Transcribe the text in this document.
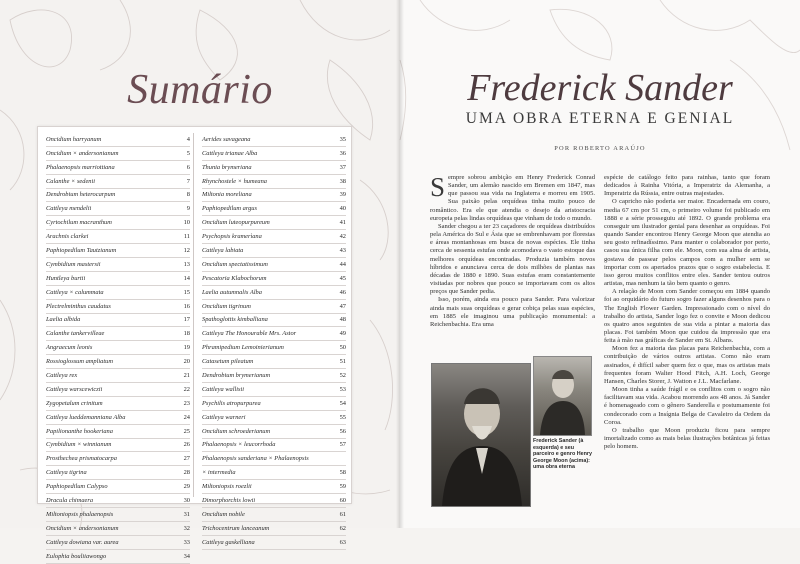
Sumário
Oncidium harryanum	4
Oncidium × andersonianum	5
Phalaenopsis marriottiana	6
Calanthe × sedenii	7
Dendrobium heterocarpum	8
Cattleya mendelii	9
Cyrtochilum macranthum	10
Arachnis clarkei	11
Paphiopedilum Tautzianum	12
Cymbidium mastersii	13
Huntleya burtii	14
Cattleya × calummata	15
Plectrelminthus caudatus	16
Laelia albida	17
Calanthe tankervilleae	18
Angraecum leonis	19
Rossioglossum ampliatum	20
Cattleya rex	21
Cattleya warscewiczii	22
Zygopetalum crinitum	23
Cattleya lueddemanniana Alba	24
Papilionanthe hookeriana	25
Cymbidium × winnianum	26
Prosthechea prismatocarpa	27
Cattleya tigrina	28
Paphiopedilum Calypso	29
Dracula chimaera	30
Miltoniopsis phalaenopsis	31
Oncidium × andersonianum	32
Cattleya dowiana var. aurea	33
Eulophia bouliiawongo	34
Aerides savageana	35
Cattleya trianae Alba	36
Thunia brymeriana	37
Rhynchostele × humeana	38
Miltonia moreliana	39
Paphiopedilum argus	40
Oncidium luteopurpureum	41
Psychopsis kramerìana	42
Cattleya labiata	43
Oncidium spectatissimum	44
Pescatoria Klabochorum	45
Laelia autumnalis Alba	46
Oncidium tigrinum	47
Spathoglottis kimballiana	48
Cattleya The Honourable Mrs. Astor	49
Phramipedium Lemoinierianum	50
Catasetum pileatum	51
Dendrobium brymerianum	52
Cattleya wallisii	53
Psychilis atropurpurea	54
Cattleya warneri	55
Oncidium schroederianum	56
Phalaenopsis × leucorrhoda	57
Phalaenopsis sanderiana × Phalaenopsis
× intermedia	58
Miltoniopsis roezlii	59
Dimorphorchis lowii	60
Oncidium nobile	61
Trichocentrum lanceanum	62
Cattleya gaskelliana	63
Frederick Sander
UMA OBRA ETERNA E GENIAL
POR ROBERTO ARAÚJO
S empre sobrou ambição em Henry Frederick Conrad Sander, um alemão nascido em Bremen em 1847, mas que passou sua vida na Inglaterra e morreu em 1905. Sua paixão pelas orquídeas tinha muito pouco de romântico. Era ele que atendia o desejo da aristocracia europeia pelas lindas orquídeas que vinham de todo o mundo.

Sander chegou a ter 23 caçadores de orquídeas distribuídos pela América do Sul e Ásia que se embrenhavam por florestas e áreas montanhosas em busca de novas espécies. Ele tinha cerca de sessenta estufas onde acomodava o vasto estoque das melhores orquídeas encontradas. Produzia também novos híbridos e anunciava cerca de dois milhões de plantas nas décadas de 1880 e 1890. Suas estufas eram constantemente visitadas por nobres que pouco se importavam com os altos preços que Sander pedia.

Isso, porém, ainda era pouco para Sander. Para valorizar ainda mais suas orquídeas e gerar cobiça pelas suas espécies, em 1885 ele imaginou uma publicação monumental: a Reichenbachia. Era uma

espécie de catálogo feito para rainhas, tanto que foram dedicados à Rainha Vitória, a Imperatriz da Alemanha, a Imperatriz da Rússia, entre outras majestades.

O capricho não poderia ser maior. Encadernada em couro, media 67 cm por 51 cm, o primeiro volume foi publicado em 1888 e a série prosseguiu até 1892. O grande problema era conseguir um ilustrador genial para desenhar as orquídeas. Foi quando Sander encontrou Henry George Moon que atendia ao seu gosto refinadíssimo. Para manter o colaborador por perto, casou sua única filha com ele. Moon, com sua alma de artista, gostava de passear pelos campos com a mulher sem se importar com os apertados prazos que o sogro estabelecia. E isso gerou muitos conflitos entre eles. Sander tentou outros artistas, mas nenhum ia tão bem quanto o genro.

A relação de Moon com Sander começou em 1884 quando foi ao orquidário do futuro sogro fazer alguns desenhos para o The English Flower Garden. Impressionado com o nível do trabalho do artista, Sander logo fez o convite e Moon dedicou os quatro anos seguintes de sua vida a pintar a maioria das placas. Foi também Moon que cuidou da impressão que era feita à mão nas gráficas de Sander em St. Albans.

Moon fez a maioria das placas para Reichenbachia, com a contribuição de vários outros artistas. Como não eram assinados, é difícil saber quem fez o que, mas os artistas mais frequentes foram Walter Hood Fitch, A.H. Loch, George Hansen, Charles Storer, J. Watton e J.L. Macfarlane.

Moon tinha a saúde frágil e os conflitos com o sogro não facilitavam sua vida. Acabou morrendo aos 48 anos. Já Sander é homenageado com o gênero Sanderella e postumamente foi condecorado com a Insígnia Belga de Cavaleiro da Ordem da Coroa.

O trabalho que Moon produziu ficou para sempre imortalizado como as mais belas ilustrações botânicas já feitas pelo homem.

Frederick Sander (à esquerda) e seu parceiro e genro Henry George Moon (acima): uma obra eterna
